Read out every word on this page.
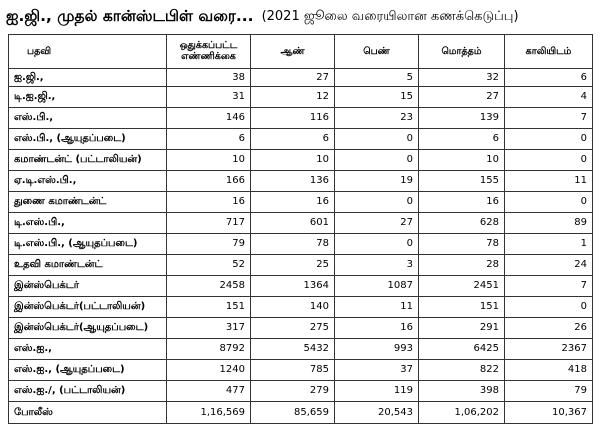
ஐ.ஜி., முதல் கான்ஸ்டபிள் வரை... (2021 ஜூலை வரையிலான கணக்கெடுப்பு)
பதவி	ஒதுக்கப்பட்ட எண்ணிக்கை	ஆண்	பெண்	மொத்தம்	காலியிடம்
ஐ.ஜி.,	38	27	5	32	6
டி.ஐ.ஜி.,	31	12	15	27	4
எஸ்.பி.,	146	116	23	139	7
எஸ்.பி., (ஆயுதப்படை)	6	6	0	6	0
கமாண்டன்ட் (பட்டாலியன்)	10	10	0	10	0
ஏ.டி.எஸ்.பி.,	166	136	19	155	11
துணை கமாண்டன்ட்	16	16	0	16	0
டி.எஸ்.பி.,	717	601	27	628	89
டி.எஸ்.பி., (ஆயுதப்படை)	79	78	0	78	1
உதவி கமாண்டன்ட்	52	25	3	28	24
இன்ஸ்பெக்டர்	2458	1364	1087	2451	7
இன்ஸ்பெக்டர்(பட்டாலியன்)	151	140	11	151	0
இன்ஸ்பெக்டர்(ஆயுதப்படை)	317	275	16	291	26
எஸ்.ஐ.,	8792	5432	993	6425	2367
எஸ்.ஐ., (ஆயுதப்படை)	1240	785	37	822	418
எஸ்.ஐ./, (பட்டாலியன்)	477	279	119	398	79
போலீஸ்	1,16,569	85,659	20,543	1,06,202	10,367
